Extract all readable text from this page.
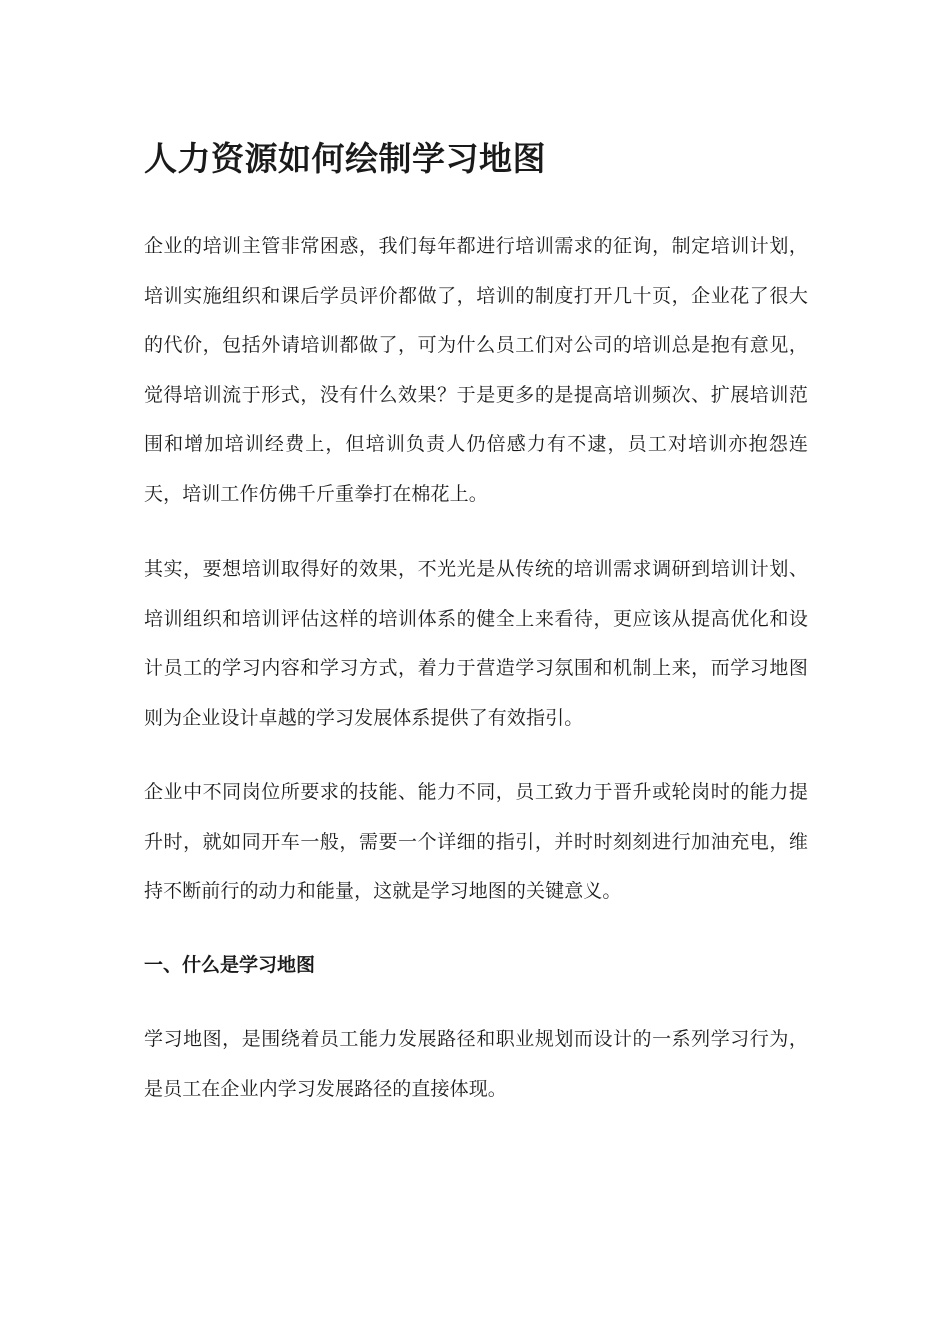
人力资源如何绘制学习地图

企业的培训主管非常困惑，我们每年都进行培训需求的征询，制定培训计划，培训实施组织和课后学员评价都做了，培训的制度打开几十页，企业花了很大的代价，包括外请培训都做了，可为什么员工们对公司的培训总是抱有意见，觉得培训流于形式，没有什么效果？于是更多的是提高培训频次、扩展培训范围和增加培训经费上，但培训负责人仍倍感力有不逮，员工对培训亦抱怨连天，培训工作仿佛千斤重拳打在棉花上。

其实，要想培训取得好的效果，不光光是从传统的培训需求调研到培训计划、培训组织和培训评估这样的培训体系的健全上来看待，更应该从提高优化和设计员工的学习内容和学习方式，着力于营造学习氛围和机制上来，而学习地图则为企业设计卓越的学习发展体系提供了有效指引。

企业中不同岗位所要求的技能、能力不同，员工致力于晋升或轮岗时的能力提升时，就如同开车一般，需要一个详细的指引，并时时刻刻进行加油充电，维持不断前行的动力和能量，这就是学习地图的关键意义。

一、什么是学习地图

学习地图，是围绕着员工能力发展路径和职业规划而设计的一系列学习行为， 是员工在企业内学习发展路径的直接体现。
